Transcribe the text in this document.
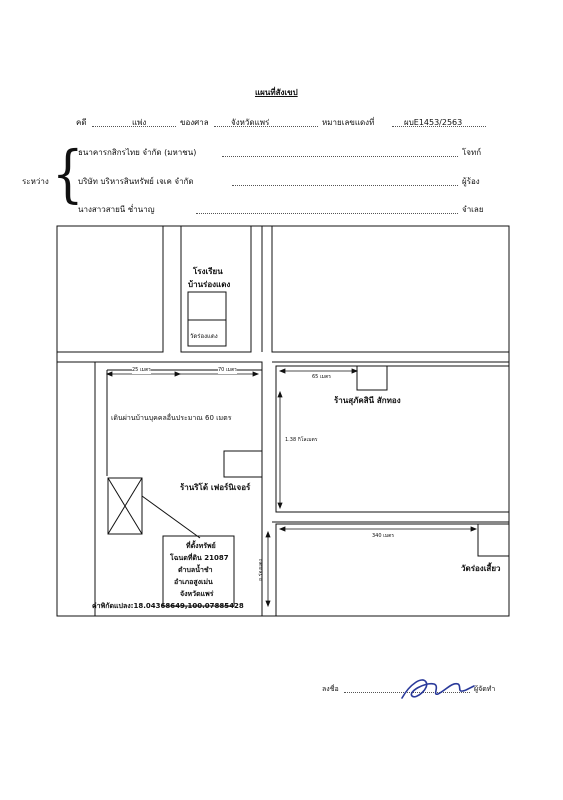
แผนที่สังเขป
คดี	แพ่ง	ของศาล	จังหวัดแพร่	หมายเลขแดงที่	ผบE1453/2563
ระหว่าง {
ธนาคารกสิกรไทย จำกัด (มหาชน)	โจทก์
บริษัท บริหารสินทรัพย์ เจเค จำกัด	ผู้ร้อง
นางสาวสายนี ช่ำนาญ	จำเลย
โรงเรียน
บ้านร่องแดง
วัดร่องแดง
25 เมตร	70 เมตร
65 เมตร
ร้านสุภัคสินี สักทอง
เดินผ่านบ้านบุคคลอื่นประมาณ 60 เมตร
1.38 กิโลเมตร
ร้านริโด้ เฟอร์นิเจอร์
340 เมตร
ถ.ร่องแดง	วัดร่องเสี้ยว
ที่ตั้งทรัพย์
โฉนดที่ดิน 21087
ตำบลน้ำชำ
อำเภอสูงเม่น
จังหวัดแพร่
ค่าพิกัดแปลง:18.04368649,100.07885428
ลงชื่อ	ผู้จัดทำ
